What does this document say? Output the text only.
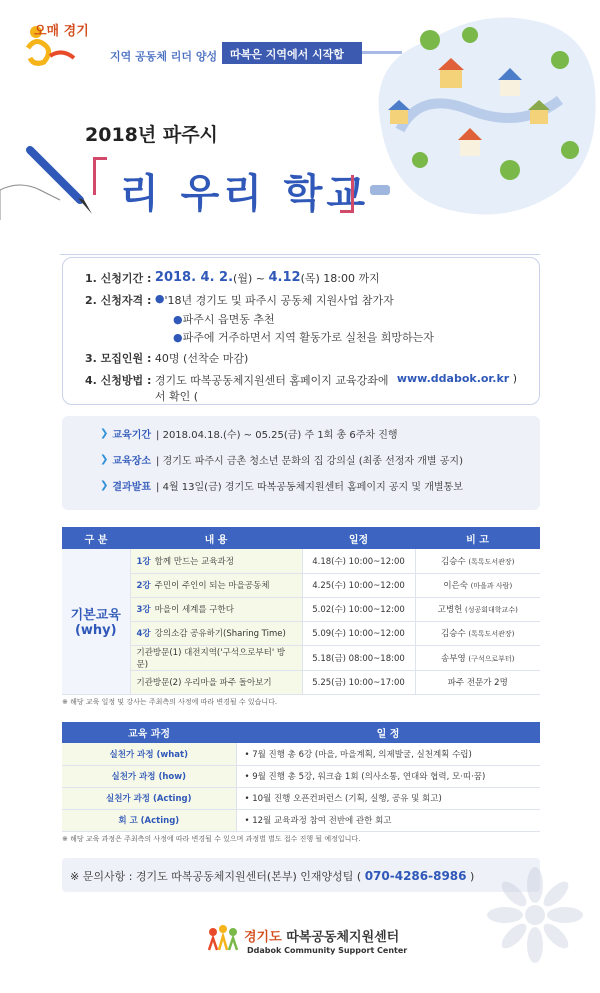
오매 경기
지역 공동체 리더 양성	따복은 지역에서 시작합니다
2018년 파주시
리 우리 학교
1. 신청기간 :
2018. 4. 2. (월) ~
4.12 (목) 18:00 까지
2. 신청자격 :
● '18년 경기도 및 파주시 공동체 지원사업 참가자
●파주시 읍면동 추천
●파주에 거주하면서 지역 활동가로 실천을 희망하는자
3. 모집인원 :
40명 (선착순 마감)
4. 신청방법 :
경기도 따복공동체지원센터 홈페이지 교육강좌에서 확인 (

www.ddabok.or.kr
)
❯ 교육기간 | 2018.04.18.(수) ~ 05.25(금) 주 1회 총 6주차 진행
❯ 교육장소 | 경기도 파주시 금촌 청소년 문화의 집 강의실 (최종 선정자 개별 공지)
❯ 결과발표 | 4월 13일(금) 경기도 따복공동체지원센터 홈페이지 공지 및 개별통보
구 분	내 용	일정	비 고
기본교육 (why)	1강 함께 만드는 교육과정	4.18(수) 10:00~12:00	김승수 (톡톡도서관장)
	2강 주민이 주인이 되는 마을공동체	4.25(수) 10:00~12:00	이은숙 (마을과 사람)
	3강 마을이 세계를 구한다	5.02(수) 10:00~12:00	고병헌 (성공회대학교수)
	4강 강의소감 공유하기(Sharing Time)	5.09(수) 10:00~12:00	김승수 (톡톡도서관장)
	기관방문(1) 대전지역('구석으로부터' 방문)	5.18(금) 08:00~18:00	송부영 (구석으로부터)
	기관방문(2) 우리마을 파주 돌아보기	5.25(금) 10:00~17:00	파주 전문가 2명
※ 해당 교육 일정 및 강사는 주최측의 사정에 따라 변경될 수 있습니다.
교육 과정	일 정
실천가 과정 (what)	• 7월 진행 총 6강 (마을, 마을계획, 의제발굴, 실천계획 수립)
실천가 과정 (how)	• 9월 진행 총 5강, 워크숍 1회 (의사소통, 연대와 협력, 모·띠·꿈)
실천가 과정 (Acting)	• 10월 진행 오픈컨퍼런스 (기획, 실행, 공유 및 회고)
회 고 (Acting)	• 12월 교육과정 참여 전반에 관한 회고
※ 해당 교육 과정은 주최측의 사정에 따라 변경될 수 있으며 과정별 별도 접수 진행 될 예정입니다.
※ 문의사항 : 경기도 따복공동체지원센터(본부) 인재양성팀 ( 070-4286-8986 )
경기도 따복공동체지원센터
Ddabok Community Support Center
